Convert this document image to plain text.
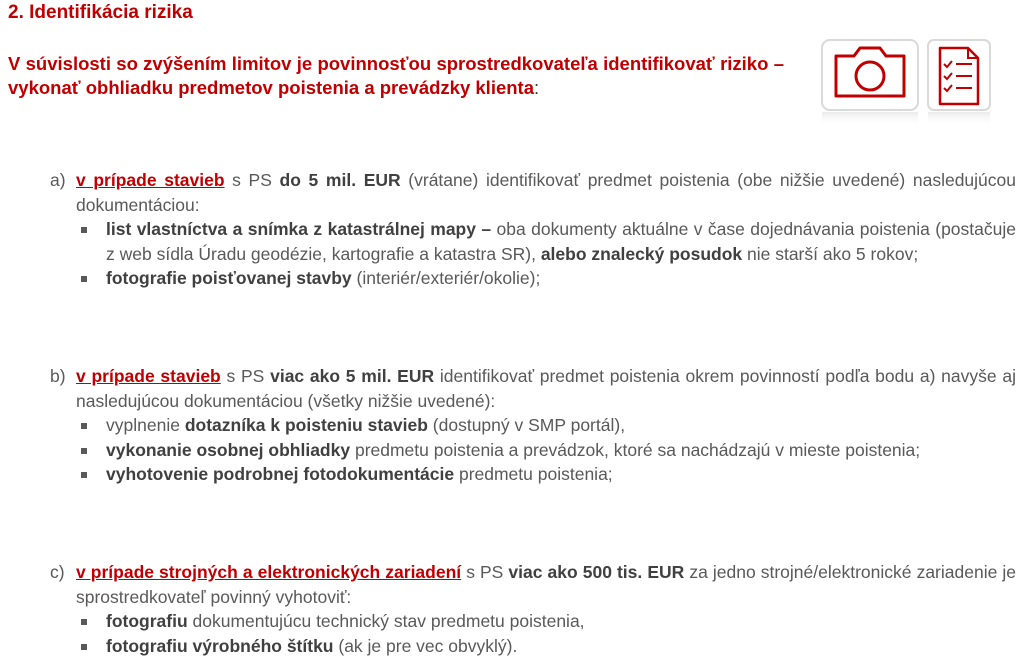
2. Identifikácia rizika
V súvislosti so zvýšením limitov je povinnosťou sprostredkovateľa identifikovať riziko – vykonať obhliadku predmetov poistenia a prevádzky klienta:
a) v prípade stavieb s PS do 5 mil. EUR (vrátane) identifikovať predmet poistenia (obe nižšie uvedené) nasledujúcou dokumentáciou:
list vlastníctva a snímka z katastrálnej mapy – oba dokumenty aktuálne v čase dojednávania poistenia (postačuje z web sídla Úradu geodézie, kartografie a katastra SR), alebo znalecký posudok nie starší ako 5 rokov;
fotografie poisťovanej stavby (interiér/exteriér/okolie);
b) v prípade stavieb s PS viac ako 5 mil. EUR identifikovať predmet poistenia okrem povinností podľa bodu a) navyše aj nasledujúcou dokumentáciou (všetky nižšie uvedené):
vyplnenie dotazníka k poisteniu stavieb (dostupný v SMP portál),
vykonanie osobnej obhliadky predmetu poistenia a prevádzok, ktoré sa nachádzajú v mieste poistenia;
vyhotovenie podrobnej fotodokumentácie predmetu poistenia;
c) v prípade strojných a elektronických zariadení s PS viac ako 500 tis. EUR za jedno strojné/elektronické zariadenie je sprostredkovateľ povinný vyhotoviť:
fotografiu dokumentujúcu technický stav predmetu poistenia,
fotografiu výrobného štítku (ak je pre vec obvyklý).
